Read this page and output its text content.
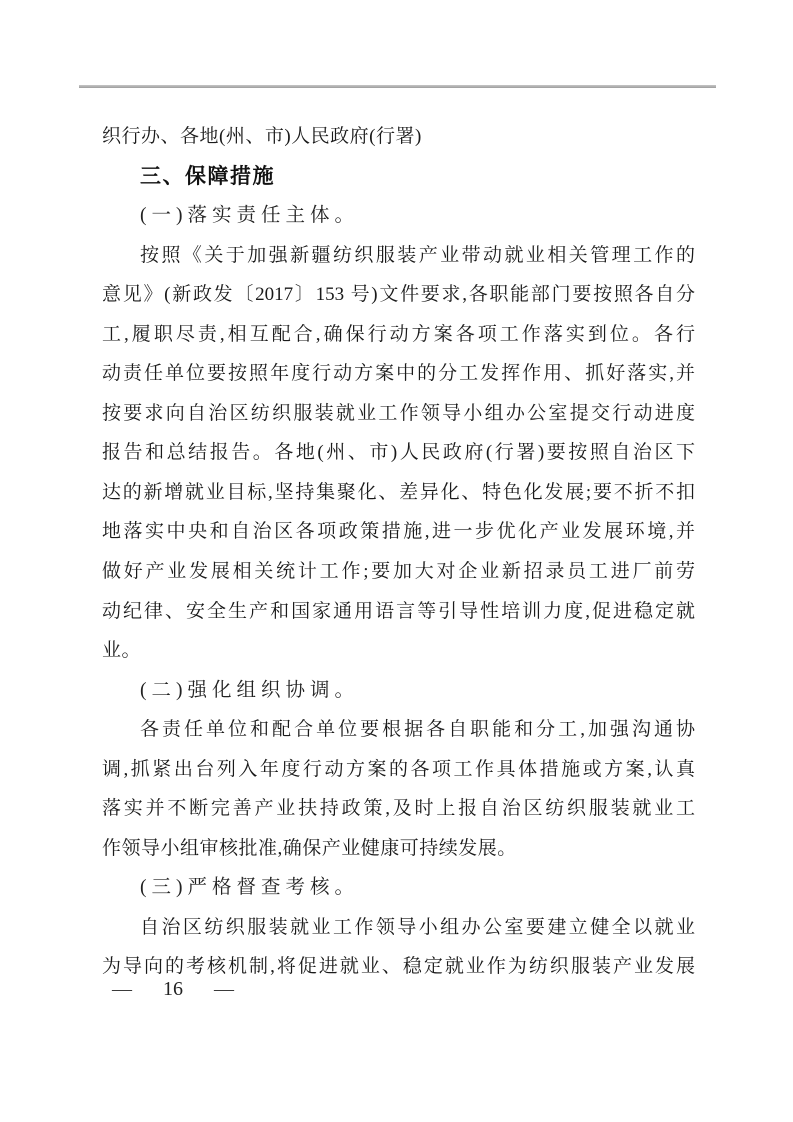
织行办、各地(州、市)人民政府(行署)
三、保障措施
(一)落实责任主体。
按照《关于加强新疆纺织服装产业带动就业相关管理工作的
意见》(新政发〔2017〕153 号)文件要求,各职能部门要按照各自分
工,履职尽责,相互配合,确保行动方案各项工作落实到位。各行
动责任单位要按照年度行动方案中的分工发挥作用、抓好落实,并
按要求向自治区纺织服装就业工作领导小组办公室提交行动进度
报告和总结报告。各地(州、市)人民政府(行署)要按照自治区下
达的新增就业目标,坚持集聚化、差异化、特色化发展;要不折不扣
地落实中央和自治区各项政策措施,进一步优化产业发展环境,并
做好产业发展相关统计工作;要加大对企业新招录员工进厂前劳
动纪律、安全生产和国家通用语言等引导性培训力度,促进稳定就
业。
(二)强化组织协调。
各责任单位和配合单位要根据各自职能和分工,加强沟通协
调,抓紧出台列入年度行动方案的各项工作具体措施或方案,认真
落实并不断完善产业扶持政策,及时上报自治区纺织服装就业工
作领导小组审核批准,确保产业健康可持续发展。
(三)严格督查考核。
自治区纺织服装就业工作领导小组办公室要建立健全以就业
为导向的考核机制,将促进就业、稳定就业作为纺织服装产业发展
— 16 —
